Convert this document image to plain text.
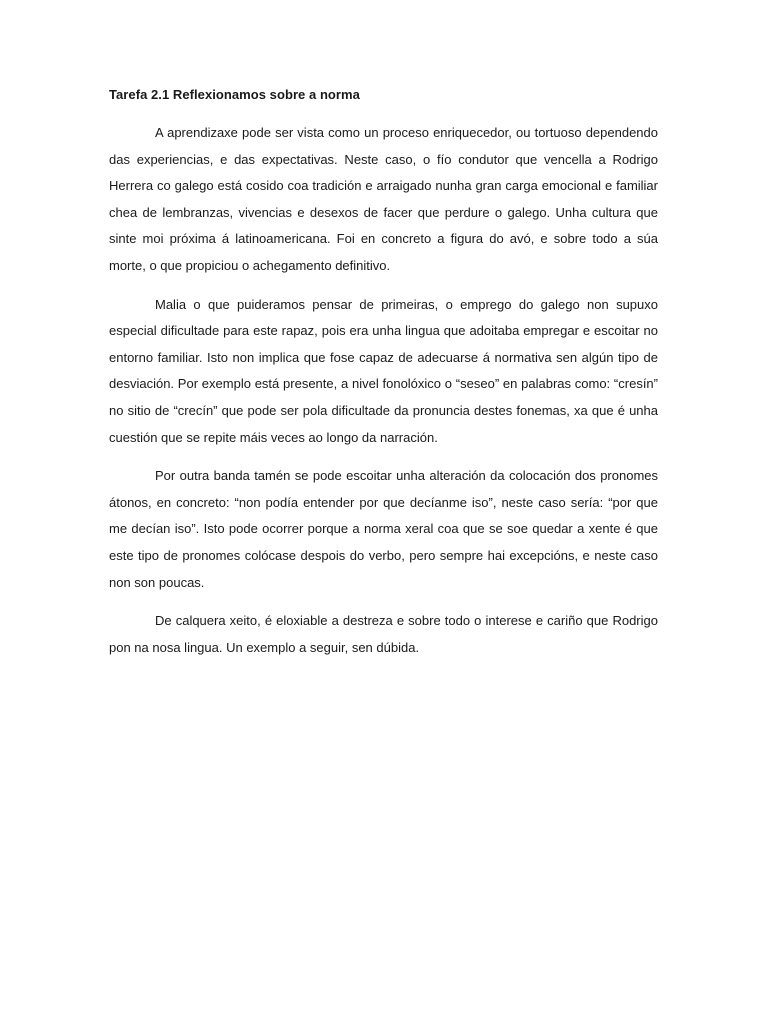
Tarefa 2.1 Reflexionamos sobre a norma

A aprendizaxe pode ser vista como un proceso enriquecedor, ou tortuoso dependendo das experiencias, e das expectativas. Neste caso, o fío condutor que vencella a Rodrigo Herrera co galego está cosido coa tradición e arraigado nunha gran carga emocional e familiar chea de lembranzas, vivencias e desexos de facer que perdure o galego. Unha cultura que sinte moi próxima á latinoamericana. Foi en concreto a figura do avó, e sobre todo a súa morte, o que propiciou o achegamento definitivo.

Malia o que puideramos pensar de primeiras, o emprego do galego non supuxo especial dificultade para este rapaz, pois era unha lingua que adoitaba empregar e escoitar no entorno familiar. Isto non implica que fose capaz de adecuarse á normativa sen algún tipo de desviación. Por exemplo está presente, a nivel fonolóxico o “seseo” en palabras como: “cresín” no sitio de “crecín” que pode ser pola dificultade da pronuncia destes fonemas, xa que é unha cuestión que se repite máis veces ao longo da narración.

Por outra banda tamén se pode escoitar unha alteración da colocación dos pronomes átonos, en concreto: “non podía entender por que decíanme iso”, neste caso sería: “por que me decían iso”. Isto pode ocorrer porque a norma xeral coa que se soe quedar a xente é que este tipo de pronomes colócase despois do verbo, pero sempre hai excepcións, e neste caso non son poucas.

De calquera xeito, é eloxiable a destreza e sobre todo o interese e cariño que Rodrigo pon na nosa lingua. Un exemplo a seguir, sen dúbida.
